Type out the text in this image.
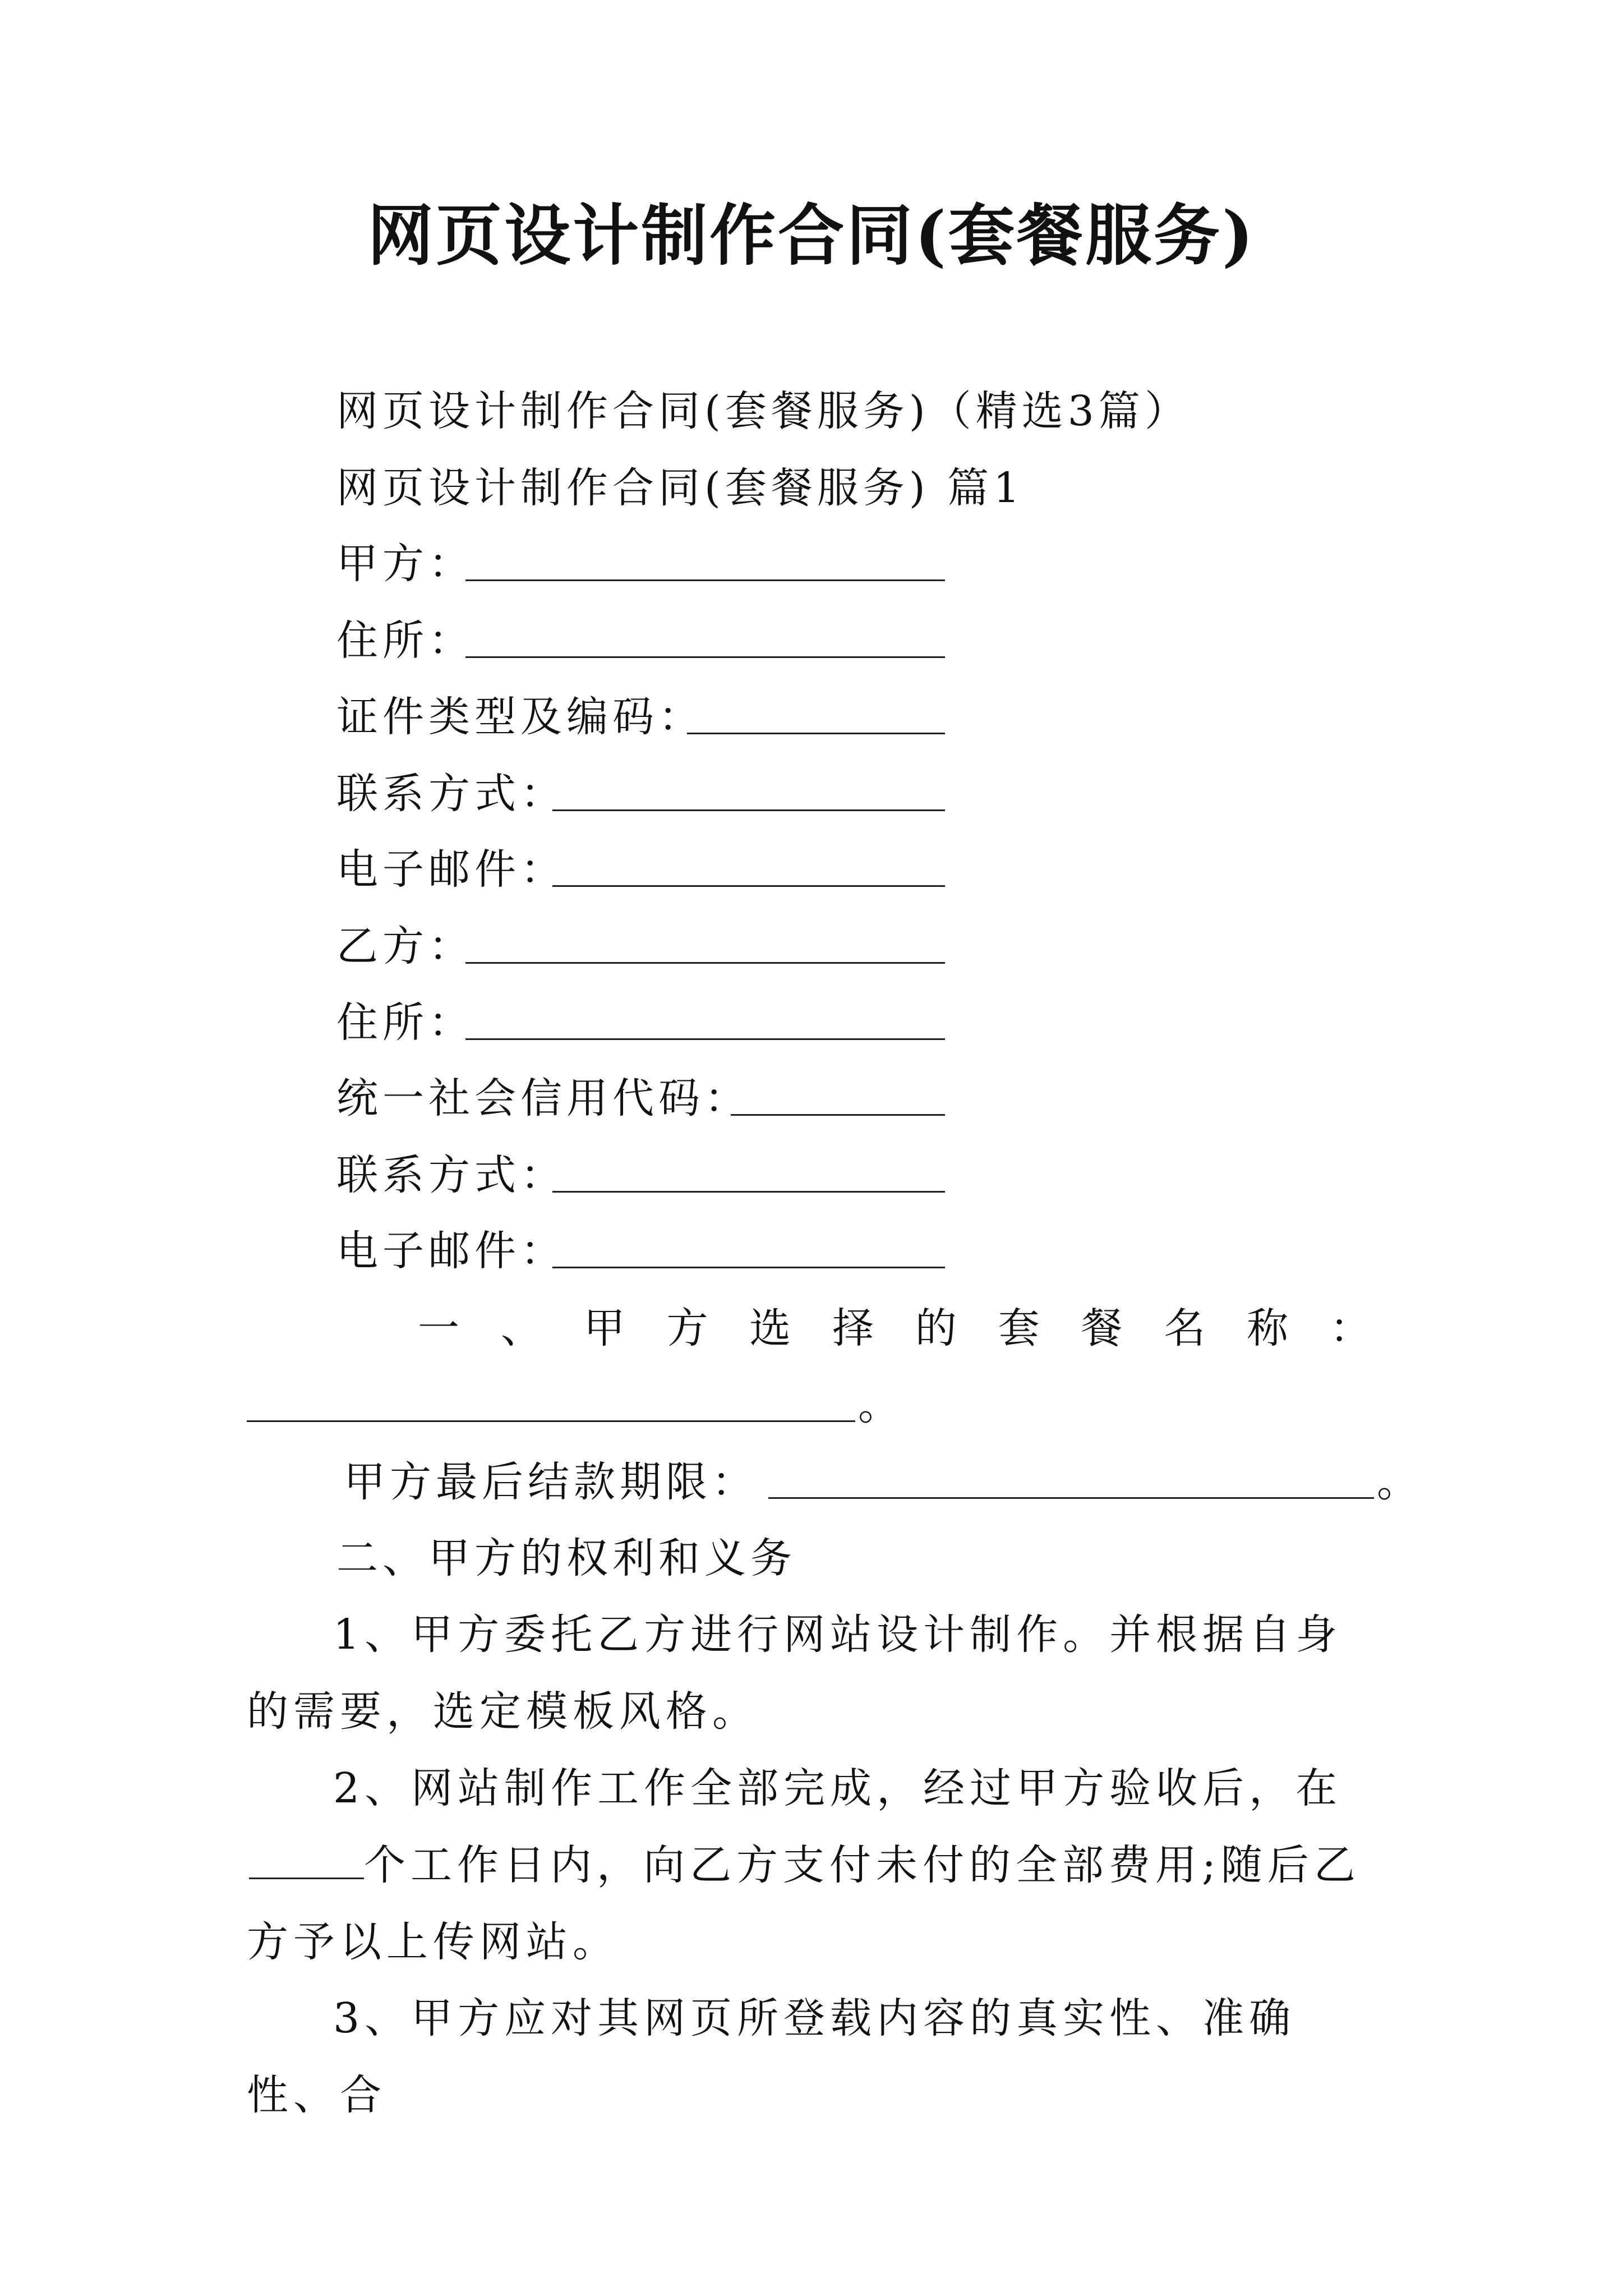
网页设计制作合同(套餐服务)
网页设计制作合同(套餐服务)（精选3篇）
网页设计制作合同(套餐服务) 篇1
甲方：
住所：
证件类型及编码：
联系方式：
电子邮件：
乙方：
住所：
统一社会信用代码：
联系方式：
电子邮件：
一 、 甲 方 选 择 的 套 餐 名 称 ：
。
甲方最后结款期限：	。
二、甲方的权利和义务

1、甲方委托乙方进行网站设计制作。并根据自身的需要，选定模板风格。

2、网站制作工作全部完成，经过甲方验收后，在个工作日内，向乙方支付未付的全部费用;随后乙方予以上传网站。

3、甲方应对其网页所登载内容的真实性、准确性、合
